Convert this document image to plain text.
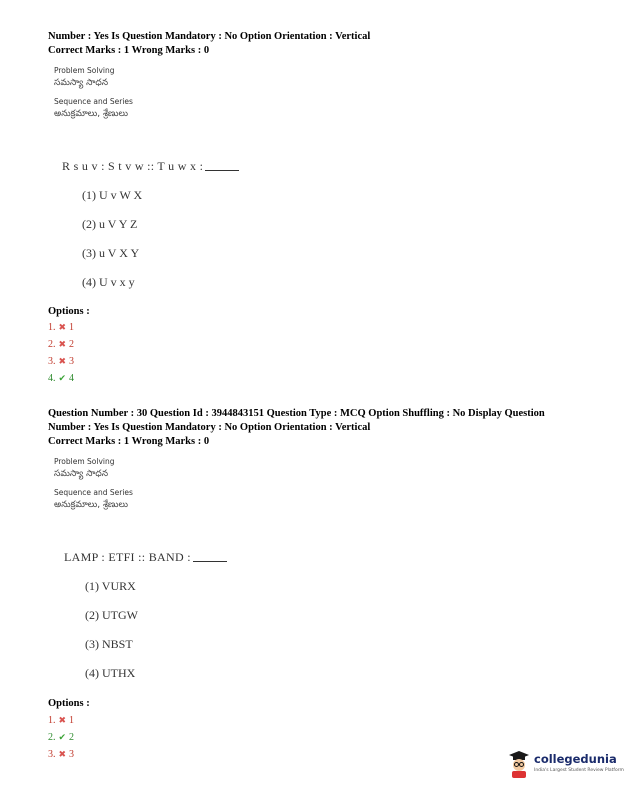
Number : Yes Is Question Mandatory : No Option Orientation : Vertical
Correct Marks : 1 Wrong Marks : 0
Problem Solving
సమస్యా సాధన
Sequence and Series
అనుక్రమాలు, శ్రేణులు
R s u v : S t v w :: T u w x :
(1) U v W X
(2) u V Y Z
(3) u V X Y
(4) U v x y
Options :
1. ✖ 1
2. ✖ 2
3. ✖ 3
4. ✔ 4
Question Number : 30 Question Id : 3944843151 Question Type : MCQ Option Shuffling : No Display Question
Number : Yes Is Question Mandatory : No Option Orientation : Vertical
Correct Marks : 1 Wrong Marks : 0
Problem Solving
సమస్యా సాధన
Sequence and Series
అనుక్రమాలు, శ్రేణులు
LAMP : ETFI :: BAND :
(1) VURX
(2) UTGW
(3) NBST
(4) UTHX
Options :
1. ✖ 1
2. ✔ 2
3. ✖ 3	collegedunia
India's Largest Student Review Platform
